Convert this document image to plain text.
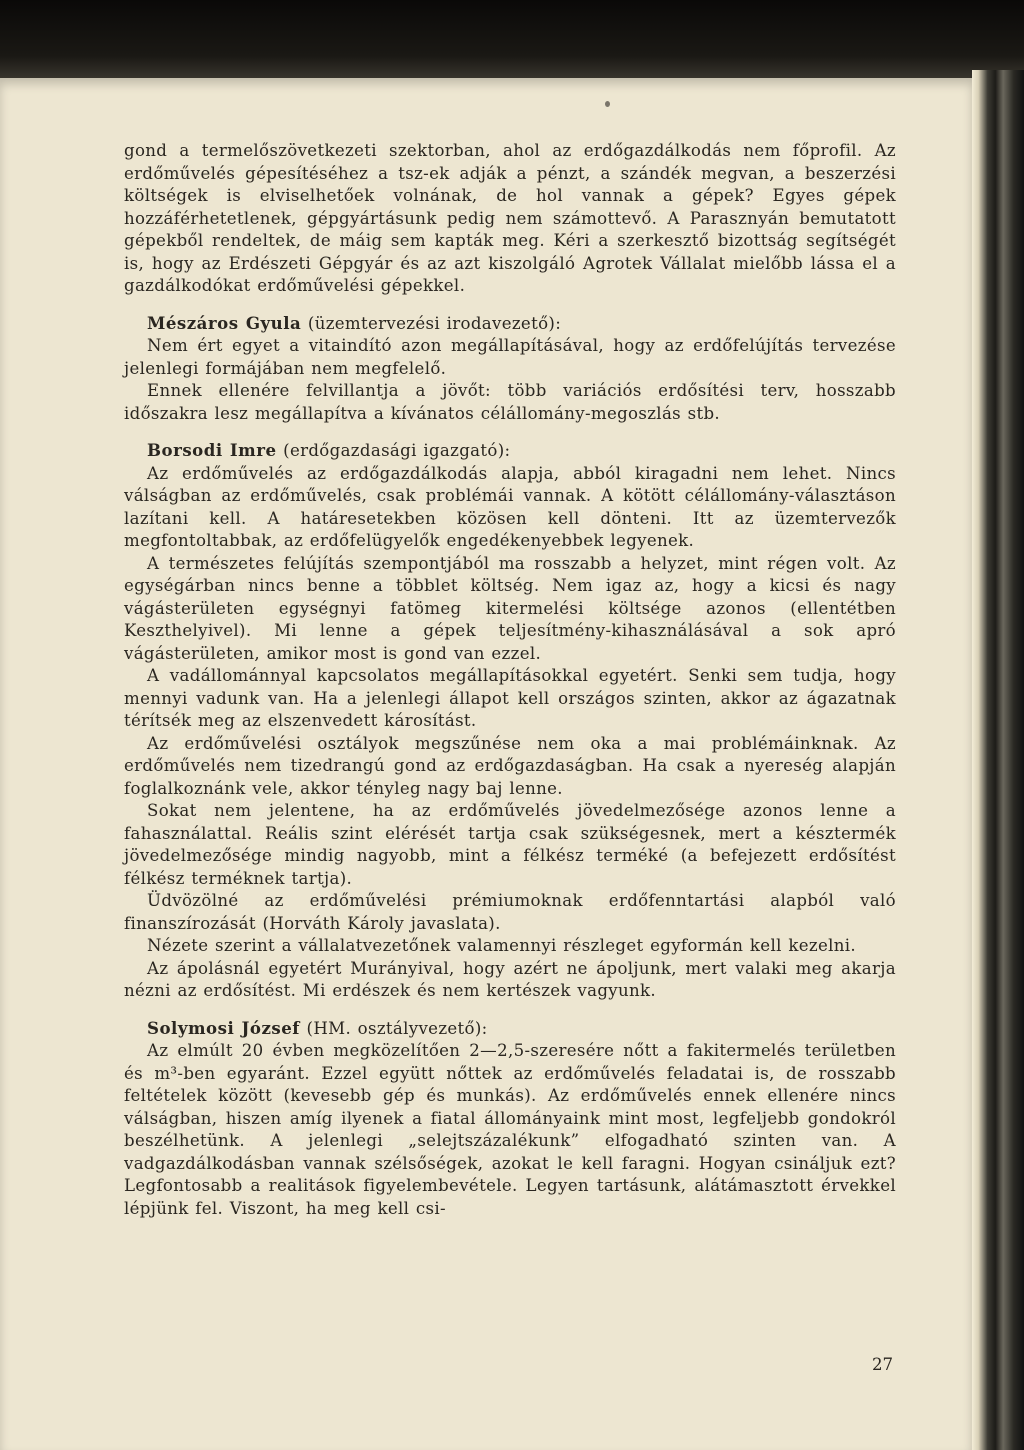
gond a termelőszövetkezeti szektorban, ahol az erdőgazdálkodás nem főprofil. Az erdőművelés gépesítéséhez a tsz-ek adják a pénzt, a szándék megvan, a beszerzési költségek is elviselhetőek volnának, de hol vannak a gépek? Egyes gépek hozzáférhetetlenek, gépgyártásunk pedig nem számottevő. A Parasznyán bemutatott gépekből rendeltek, de máig sem kapták meg. Kéri a szerkesztő bizottság segítségét is, hogy az Erdészeti Gépgyár és az azt kiszolgáló Agrotek Vállalat mielőbb lássa el a gazdálkodókat erdőművelési gépekkel.

Mészáros Gyula (üzemtervezési irodavezető):

Nem ért egyet a vitaindító azon megállapításával, hogy az erdőfelújítás tervezése jelenlegi formájában nem megfelelő.

Ennek ellenére felvillantja a jövőt: több variációs erdősítési terv, hosszabb időszakra lesz megállapítva a kívánatos célállomány-megoszlás stb.

Borsodi Imre (erdőgazdasági igazgató):

Az erdőművelés az erdőgazdálkodás alapja, abból kiragadni nem lehet. Nincs válságban az erdőművelés, csak problémái vannak. A kötött célállomány-választáson lazítani kell. A határesetekben közösen kell dönteni. Itt az üzemtervezők megfontoltabbak, az erdőfelügyelők engedékenyebbek legyenek.

A természetes felújítás szempontjából ma rosszabb a helyzet, mint régen volt. Az egységárban nincs benne a többlet költség. Nem igaz az, hogy a kicsi és nagy vágásterületen egységnyi fatömeg kitermelési költsége azonos (ellentétben Keszthelyivel). Mi lenne a gépek teljesítmény-kihasználásával a sok apró vágásterületen, amikor most is gond van ezzel.

A vadállománnyal kapcsolatos megállapításokkal egyetért. Senki sem tudja, hogy mennyi vadunk van. Ha a jelenlegi állapot kell országos szinten, akkor az ágazatnak térítsék meg az elszenvedett károsítást.

Az erdőművelési osztályok megszűnése nem oka a mai problémáinknak. Az erdőművelés nem tizedrangú gond az erdőgazdaságban. Ha csak a nyereség alapján foglalkoznánk vele, akkor tényleg nagy baj lenne.

Sokat nem jelentene, ha az erdőművelés jövedelmezősége azonos lenne a fahasználattal. Reális szint elérését tartja csak szükségesnek, mert a késztermék jövedelmezősége mindig nagyobb, mint a félkész terméké (a befejezett erdősítést félkész terméknek tartja).

Üdvözölné az erdőművelési prémiumoknak erdőfenntartási alapból való finanszírozását (Horváth Károly javaslata).

Nézete szerint a vállalatvezetőnek valamennyi részleget egyformán kell kezelni.

Az ápolásnál egyetért Murányival, hogy azért ne ápoljunk, mert valaki meg akarja nézni az erdősítést. Mi erdészek és nem kertészek vagyunk.

Solymosi József (HM. osztályvezető):

Az elmúlt 20 évben megközelítően 2—2,5-szeresére nőtt a fakitermelés területben és m³-ben egyaránt. Ezzel együtt nőttek az erdőművelés feladatai is, de rosszabb feltételek között (kevesebb gép és munkás). Az erdőművelés ennek ellenére nincs válságban, hiszen amíg ilyenek a fiatal állományaink mint most, legfeljebb gondokról beszélhetünk. A jelenlegi „selejtszázalékunk” elfogadható szinten van. A vadgazdálkodásban vannak szélsőségek, azokat le kell faragni. Hogyan csináljuk ezt? Legfontosabb a realitások figyelembevétele. Legyen tartásunk, alátámasztott érvekkel lépjünk fel. Viszont, ha meg kell csi-

27
